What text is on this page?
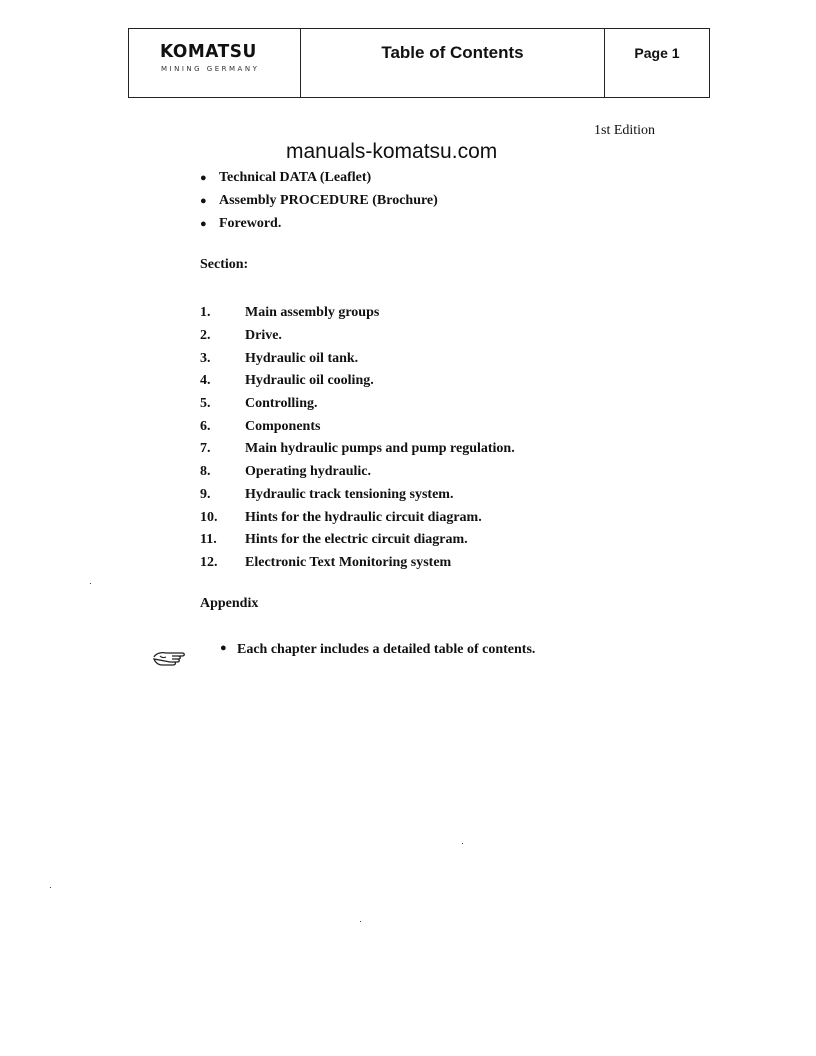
KOMATSU
MINING GERMANY
Table of Contents	Page 1
1st Edition
manuals-komatsu.com
● Technical DATA (Leaflet)
● Assembly PROCEDURE (Brochure)
● Foreword.
Section:
1.	Main assembly groups
2.	Drive.
3.	Hydraulic oil tank.
4.	Hydraulic oil cooling.
5.	Controlling.
6.	Components
7.	Main hydraulic pumps and pump regulation.
8.	Operating hydraulic.
9.	Hydraulic track tensioning system.
10.	Hints for the hydraulic circuit diagram.
11.	Hints for the electric circuit diagram.
12.	Electronic Text Monitoring system
Appendix
● Each chapter includes a detailed table of contents.
